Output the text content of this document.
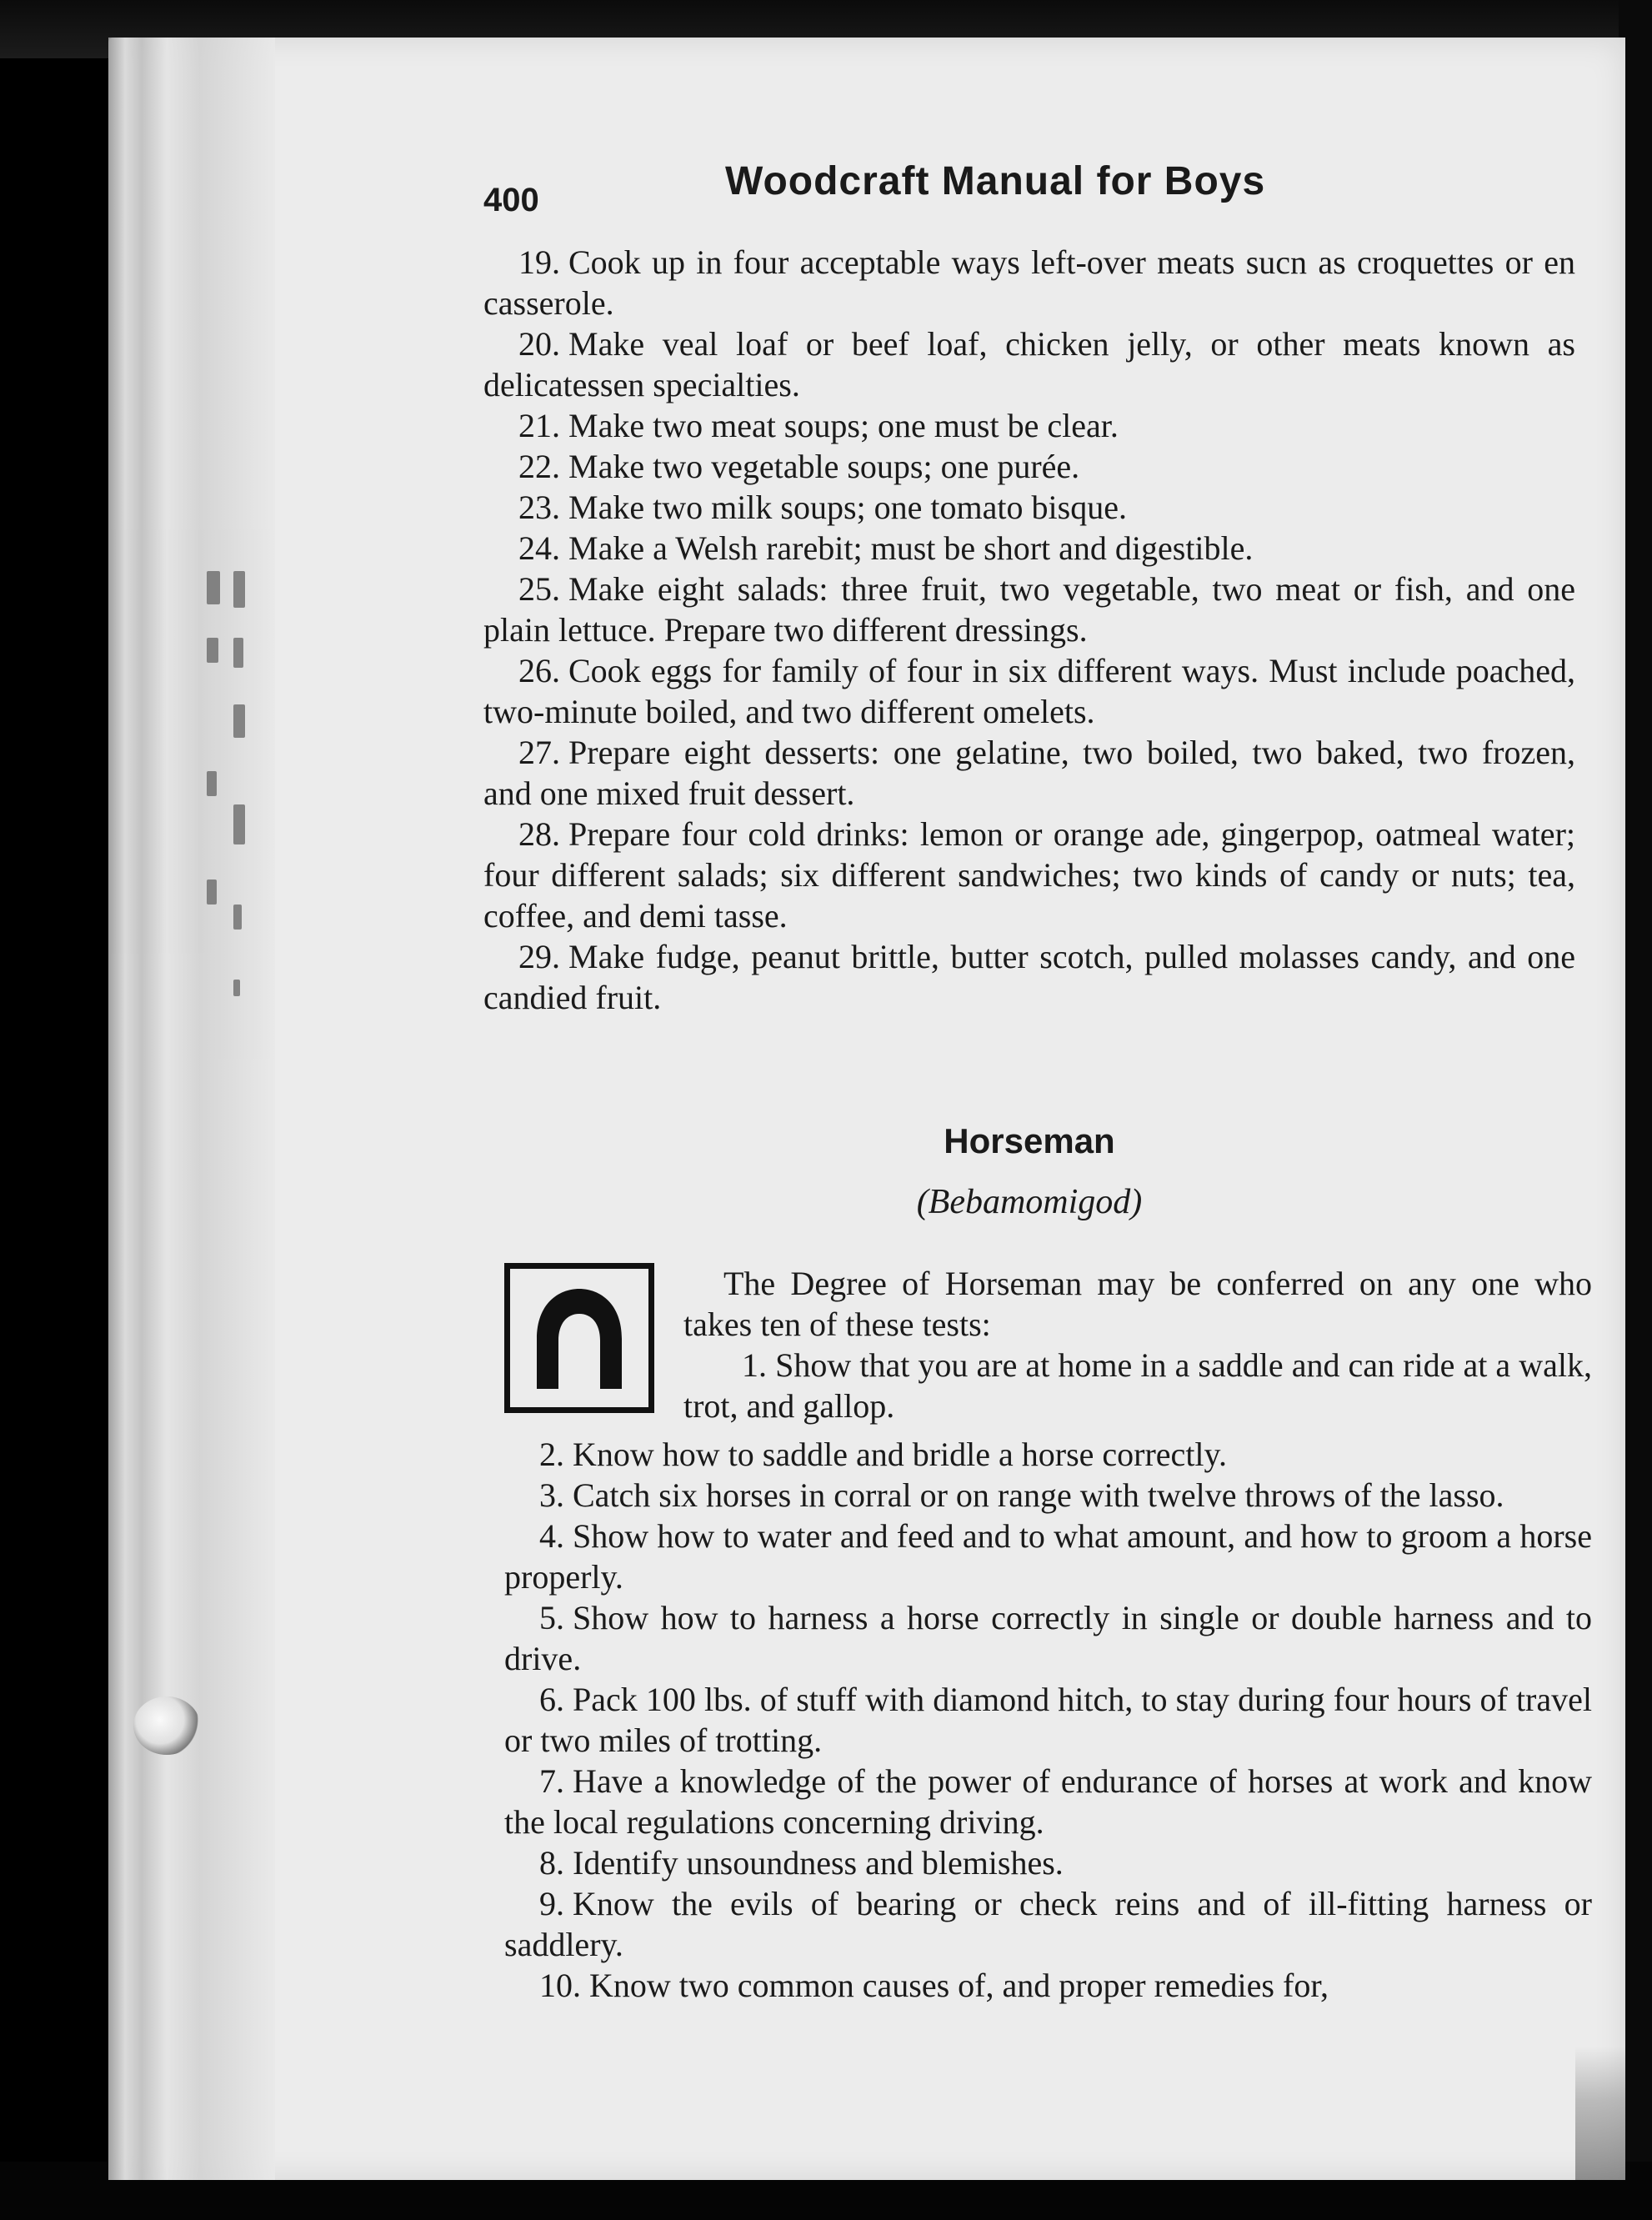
400	Woodcraft Manual for Boys

19. Cook up in four acceptable ways left-over meats sucn as croquettes or en casserole.

20. Make veal loaf or beef loaf, chicken jelly, or other meats known as delicatessen specialties.

21. Make two meat soups; one must be clear.

22. Make two vegetable soups; one purée.

23. Make two milk soups; one tomato bisque.

24. Make a Welsh rarebit; must be short and digestible.

25. Make eight salads: three fruit, two vegetable, two meat or fish, and one plain lettuce. Prepare two different dressings.

26. Cook eggs for family of four in six different ways. Must include poached, two-minute boiled, and two different omelets.

27. Prepare eight desserts: one gelatine, two boiled, two baked, two frozen, and one mixed fruit dessert.

28. Prepare four cold drinks: lemon or orange ade, gingerpop, oatmeal water; four different salads; six different sandwiches; two kinds of candy or nuts; tea, coffee, and demi tasse.

29. Make fudge, peanut brittle, butter scotch, pulled molasses candy, and one candied fruit.

Horseman
(Bebamomigod)

The Degree of Horseman may be conferred on any one who takes ten of these tests:

1. Show that you are at home in a saddle and can ride at a walk, trot, and gallop.

2. Know how to saddle and bridle a horse correctly.

3. Catch six horses in corral or on range with twelve throws of the lasso.

4. Show how to water and feed and to what amount, and how to groom a horse properly.

5. Show how to harness a horse correctly in single or double harness and to drive.

6. Pack 100 lbs. of stuff with diamond hitch, to stay during four hours of travel or two miles of trotting.

7. Have a knowledge of the power of endurance of horses at work and know the local regulations concerning driving.

8. Identify unsoundness and blemishes.

9. Know the evils of bearing or check reins and of ill-fitting harness or saddlery.

10. Know two common causes of, and proper remedies for,
